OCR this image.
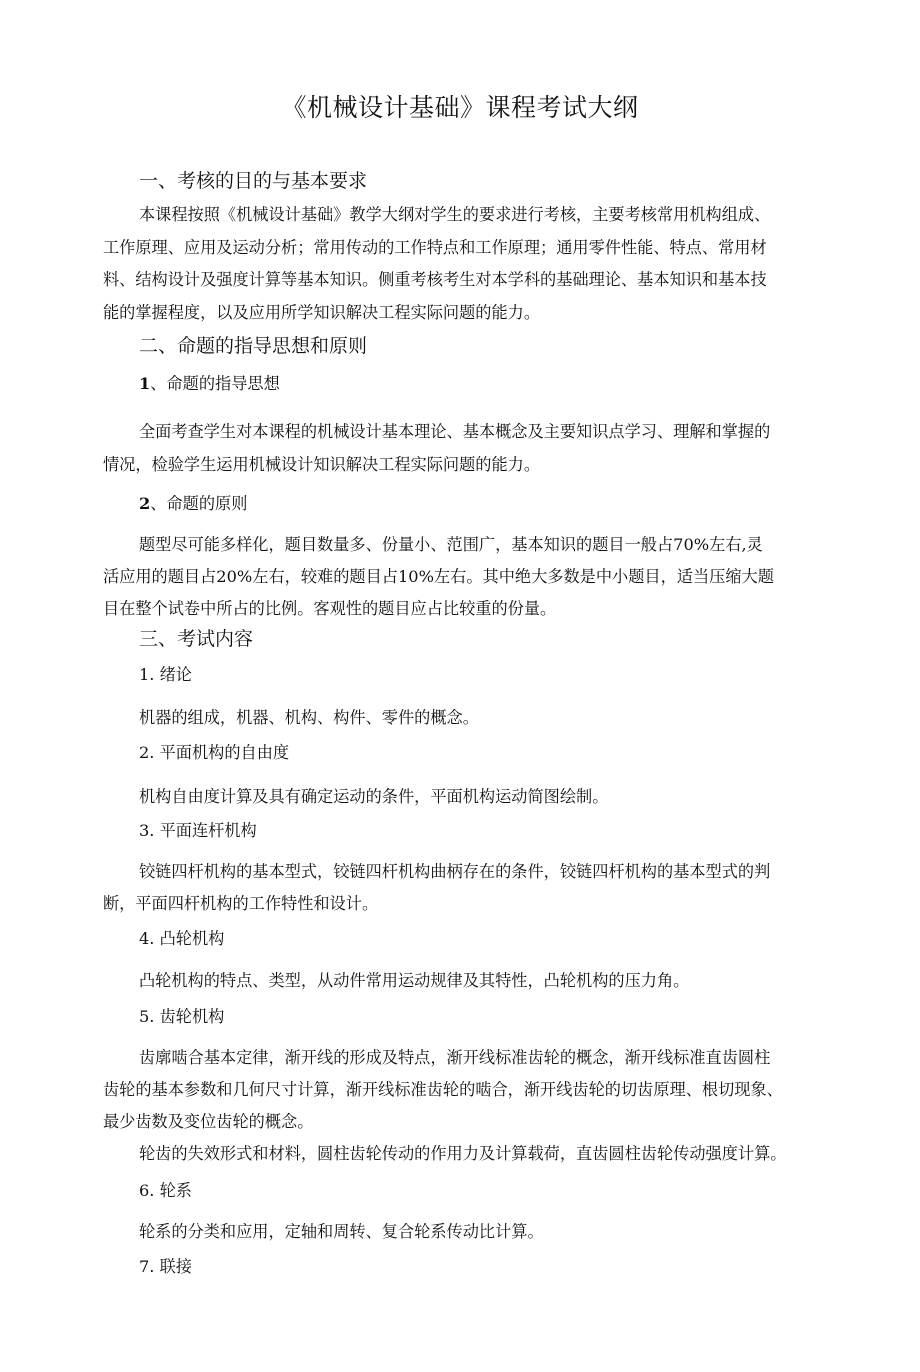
《机械设计基础》课程考试大纲
一、考核的目的与基本要求
本课程按照《机械设计基础》教学大纲对学生的要求进行考核，主要考核常用机构组成、
工作原理、应用及运动分析；常用传动的工作特点和工作原理；通用零件性能、特点、常用材
料、结构设计及强度计算等基本知识。侧重考核考生对本学科的基础理论、基本知识和基本技
能的掌握程度，以及应用所学知识解决工程实际问题的能力。
二、命题的指导思想和原则
1、命题的指导思想
全面考查学生对本课程的机械设计基本理论、基本概念及主要知识点学习、理解和掌握的
情况，检验学生运用机械设计知识解决工程实际问题的能力。
2、命题的原则
题型尽可能多样化，题目数量多、份量小、范围广，基本知识的题目一般占70%左右,灵
活应用的题目占20%左右，较难的题目占10%左右。其中绝大多数是中小题目，适当压缩大题
目在整个试卷中所占的比例。客观性的题目应占比较重的份量。
三、考试内容
1. 绪论
机器的组成，机器、机构、构件、零件的概念。
2. 平面机构的自由度
机构自由度计算及具有确定运动的条件，平面机构运动简图绘制。
3. 平面连杆机构
铰链四杆机构的基本型式，铰链四杆机构曲柄存在的条件，铰链四杆机构的基本型式的判
断，平面四杆机构的工作特性和设计。
4. 凸轮机构
凸轮机构的特点、类型，从动件常用运动规律及其特性，凸轮机构的压力角。
5. 齿轮机构
齿廓啮合基本定律，渐开线的形成及特点，渐开线标准齿轮的概念，渐开线标准直齿圆柱
齿轮的基本参数和几何尺寸计算，渐开线标准齿轮的啮合，渐开线齿轮的切齿原理、根切现象、
最少齿数及变位齿轮的概念。
轮齿的失效形式和材料，圆柱齿轮传动的作用力及计算载荷，直齿圆柱齿轮传动强度计算。
6. 轮系
轮系的分类和应用，定轴和周转、复合轮系传动比计算。
7. 联接
